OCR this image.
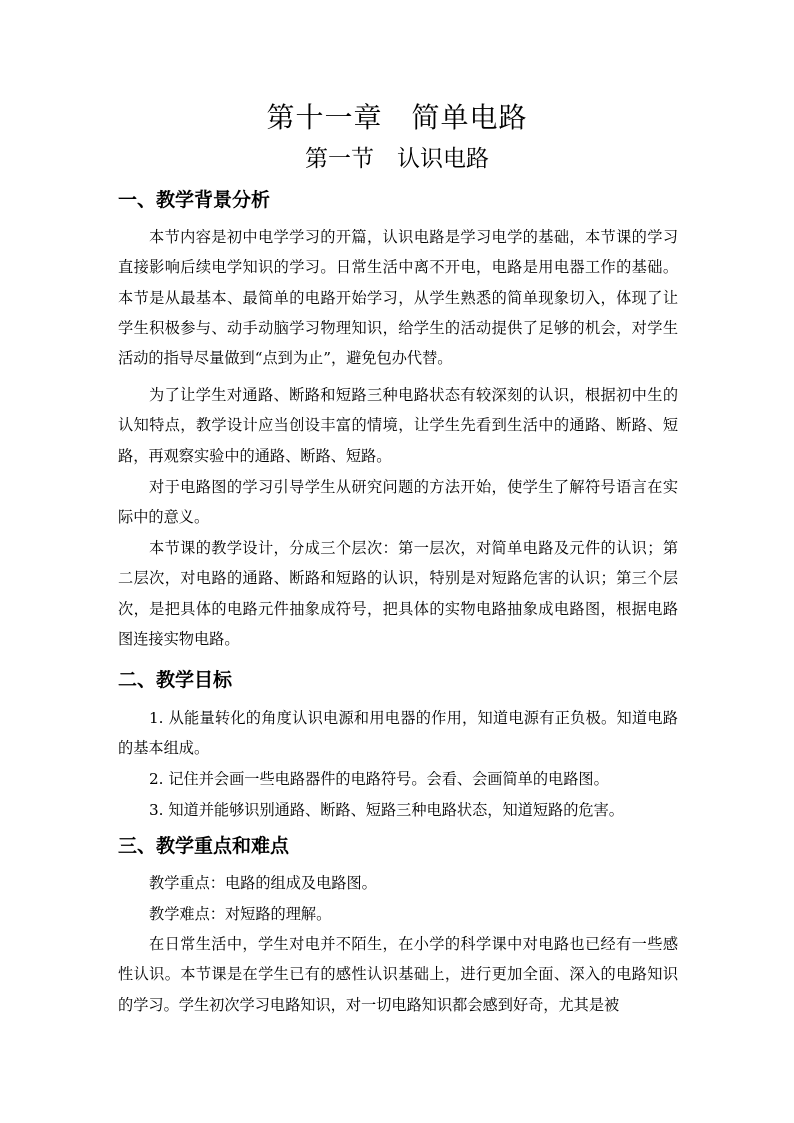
第十一章　简单电路
第一节　认识电路
一、教学背景分析
本节内容是初中电学学习的开篇，认识电路是学习电学的基础，本节课的学习直接影响后续电学知识的学习。日常生活中离不开电，电路是用电器工作的基础。本节是从最基本、最简单的电路开始学习，从学生熟悉的简单现象切入，体现了让学生积极参与、动手动脑学习物理知识，给学生的活动提供了足够的机会，对学生活动的指导尽量做到“点到为止”，避免包办代替。
为了让学生对通路、断路和短路三种电路状态有较深刻的认识，根据初中生的认知特点，教学设计应当创设丰富的情境，让学生先看到生活中的通路、断路、短路，再观察实验中的通路、断路、短路。
对于电路图的学习引导学生从研究问题的方法开始，使学生了解符号语言在实际中的意义。
本节课的教学设计，分成三个层次：第一层次，对简单电路及元件的认识；第二层次，对电路的通路、断路和短路的认识，特别是对短路危害的认识；第三个层次，是把具体的电路元件抽象成符号，把具体的实物电路抽象成电路图，根据电路图连接实物电路。
二、教学目标
1. 从能量转化的角度认识电源和用电器的作用，知道电源有正负极。知道电路的基本组成。
2. 记住并会画一些电路器件的电路符号。会看、会画简单的电路图。
3. 知道并能够识别通路、断路、短路三种电路状态，知道短路的危害。
三、教学重点和难点
教学重点：电路的组成及电路图。
教学难点：对短路的理解。
在日常生活中，学生对电并不陌生，在小学的科学课中对电路也已经有一些感性认识。本节课是在学生已有的感性认识基础上，进行更加全面、深入的电路知识的学习。学生初次学习电路知识，对一切电路知识都会感到好奇，尤其是被
